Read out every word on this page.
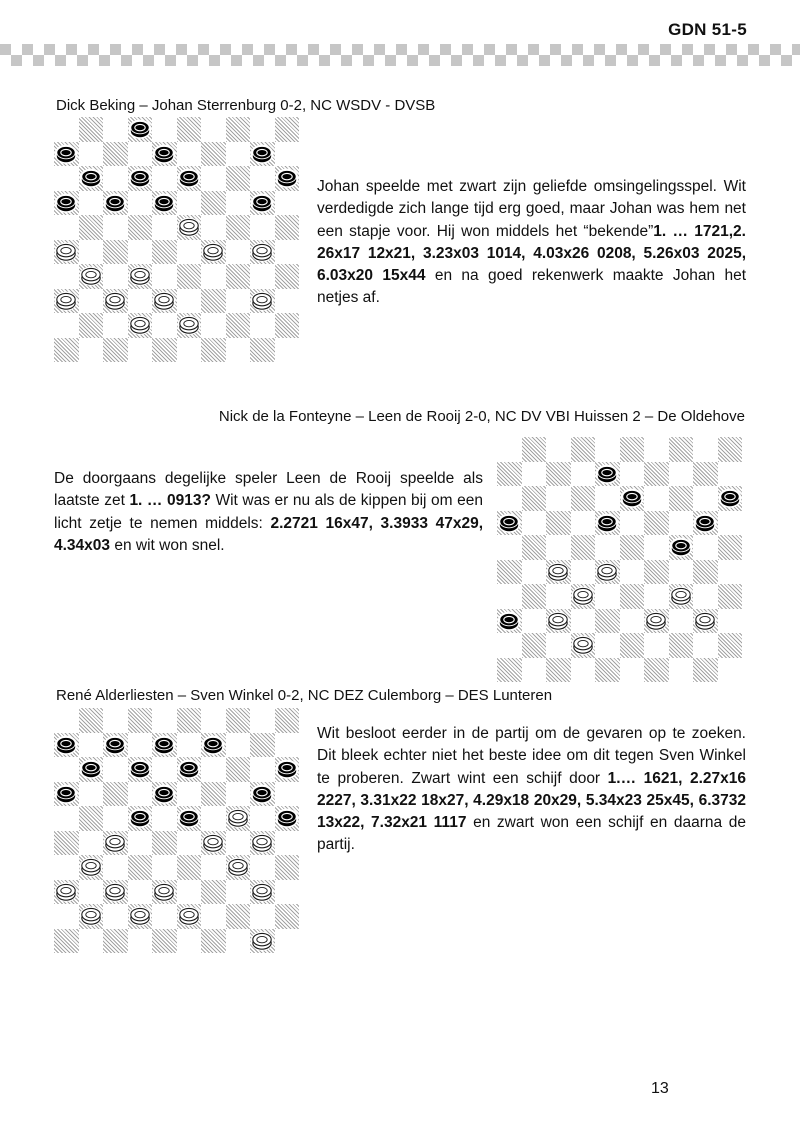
GDN 51-5
Dick Beking – Johan Sterrenburg 0-2, NC WSDV - DVSB
Johan speelde met zwart zijn geliefde omsingelingsspel. Wit verdedigde zich lange tijd erg goed, maar Johan was hem net een stapje voor. Hij won middels het “bekende”1. … 1721,2. 26x17 12x21, 3.23x03 1014, 4.03x26 0208, 5.26x03 2025, 6.03x20 15x44 en na goed rekenwerk maakte Johan het netjes af.
Nick de la Fonteyne – Leen de Rooij 2-0, NC DV VBI Huissen 2 – De Oldehove
De doorgaans degelijke speler Leen de Rooij speelde als laatste zet 1. … 0913? Wit was er nu als de kippen bij om een licht zetje te nemen middels: 2.2721 16x47, 3.3933 47x29, 4.34x03 en wit won snel.
René Alderliesten – Sven Winkel 0-2, NC DEZ Culemborg – DES Lunteren
Wit besloot eerder in de partij om de gevaren op te zoeken. Dit bleek echter niet het beste idee om dit tegen Sven Winkel te proberen. Zwart wint een schijf door 1.… 1621, 2.27x16 2227, 3.31x22 18x27, 4.29x18 20x29, 5.34x23 25x45, 6.3732 13x22, 7.32x21 1117 en zwart won een schijf en daarna de partij.
13
